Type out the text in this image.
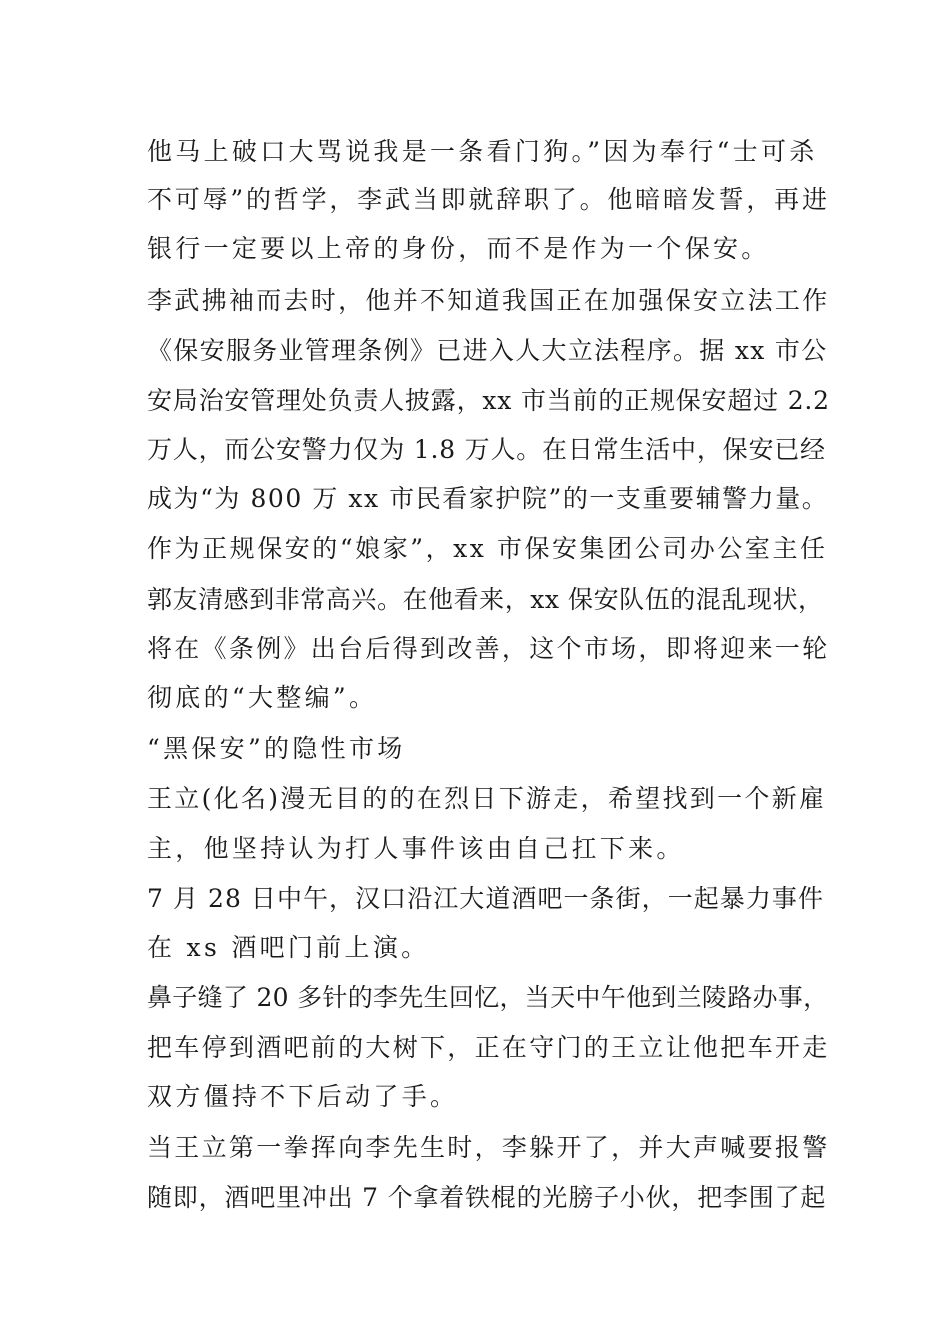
他马上破口大骂说我是一条看门狗。”因为奉行“士可杀
不可辱”的哲学，李武当即就辞职了。他暗暗发誓，再进
银行一定要以上帝的身份，而不是作为一个保安。
李武拂袖而去时，他并不知道我国正在加强保安立法工作
《保安服务业管理条例》已进入人大立法程序。据 xx 市公
安局治安管理处负责人披露，xx 市当前的正规保安超过 2.2
万人，而公安警力仅为 1.8 万人。在日常生活中，保安已经
成为“为 800 万 xx 市民看家护院”的一支重要辅警力量。
作为正规保安的“娘家”，xx 市保安集团公司办公室主任
郭友清感到非常高兴。在他看来，xx 保安队伍的混乱现状，
将在《条例》出台后得到改善，这个市场，即将迎来一轮
彻底的“大整编”。
“黑保安”的隐性市场
王立(化名)漫无目的的在烈日下游走，希望找到一个新雇
主，他坚持认为打人事件该由自己扛下来。
7 月 28 日中午，汉口沿江大道酒吧一条街，一起暴力事件
在 xs 酒吧门前上演。
鼻子缝了 20 多针的李先生回忆，当天中午他到兰陵路办事，
把车停到酒吧前的大树下，正在守门的王立让他把车开走
双方僵持不下后动了手。
当王立第一拳挥向李先生时，李躲开了，并大声喊要报警
随即，酒吧里冲出 7 个拿着铁棍的光膀子小伙，把李围了起
